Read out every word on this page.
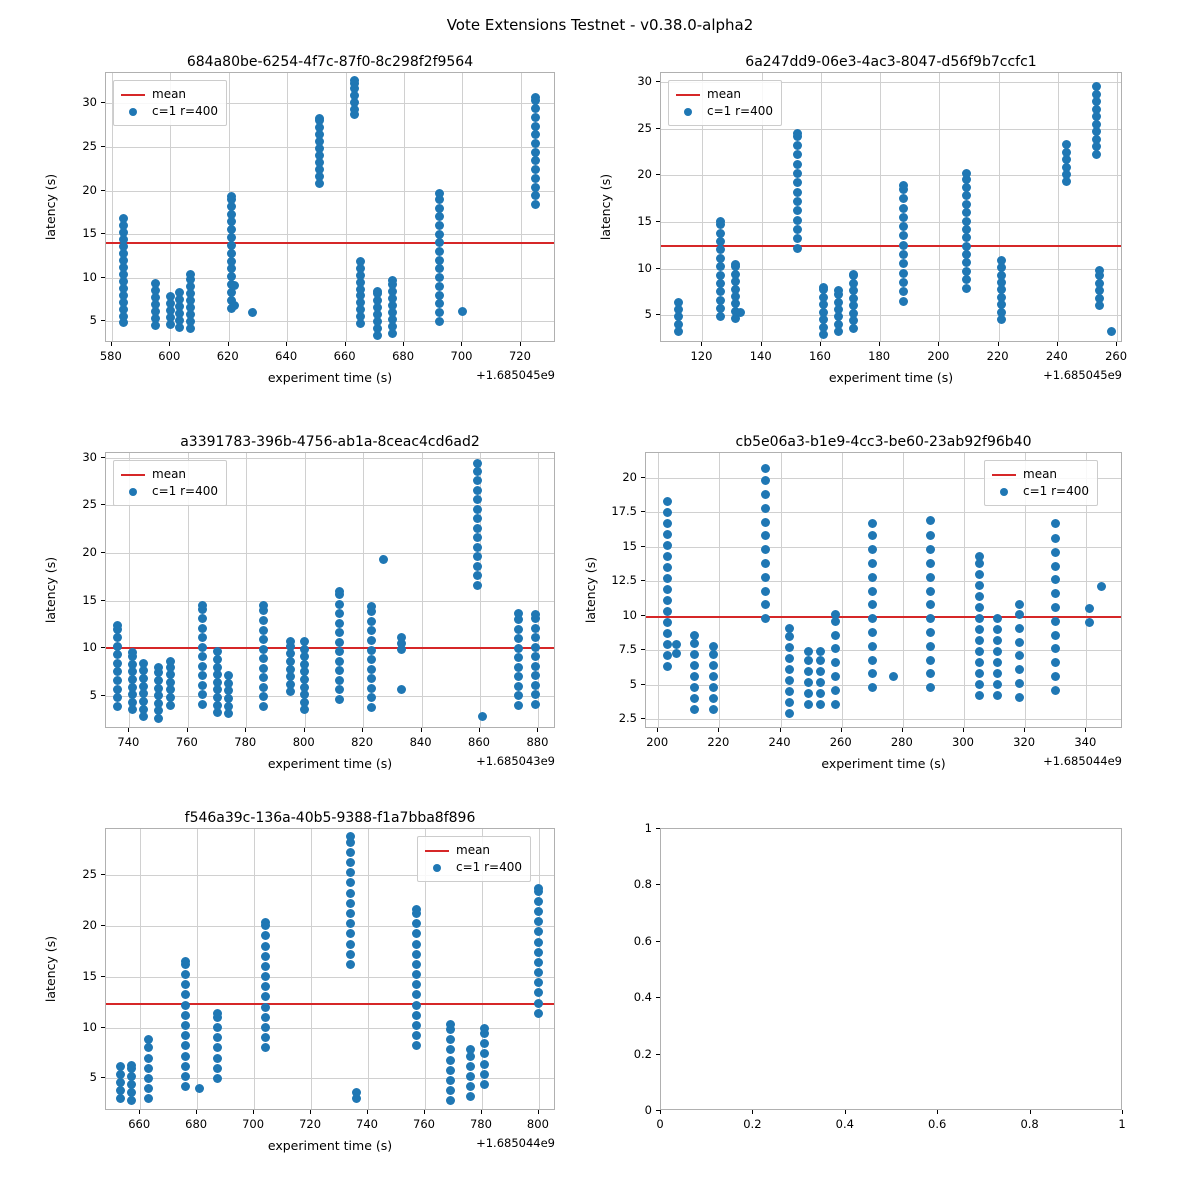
Vote Extensions Testnet - v0.38.0-alpha2
684a80be-6254-4f7c-87f0-8c298f2f9564
580	600	620	640	660	680	700	720
5
10
15
20
25
30
experiment time (s)
latency (s)
+1.685045e9
mean
c=1 r=400
6a247dd9-06e3-4ac3-8047-d56f9b7ccfc1
120	140	160	180	200	220	240	260
5
10
15
20
25
30
experiment time (s)
latency (s)
+1.685045e9
mean
c=1 r=400
a3391783-396b-4756-ab1a-8ceac4cd6ad2
740	760	780	800	820	840	860	880
5
10
15
20
25
30
experiment time (s)
latency (s)
+1.685043e9
mean
c=1 r=400
cb5e06a3-b1e9-4cc3-be60-23ab92f96b40
200	220	240	260	280	300	320	340
2.5
5
7.5
10
12.5
15
17.5
20
experiment time (s)
latency (s)
+1.685044e9
mean
c=1 r=400
f546a39c-136a-40b5-9388-f1a7bba8f896
660	680	700	720	740	760	780	800
5
10
15
20
25
experiment time (s)
latency (s)
+1.685044e9
mean
c=1 r=400
0	0.2	0.4	0.6	0.8	1
0
0.2
0.4
0.6
0.8
1
